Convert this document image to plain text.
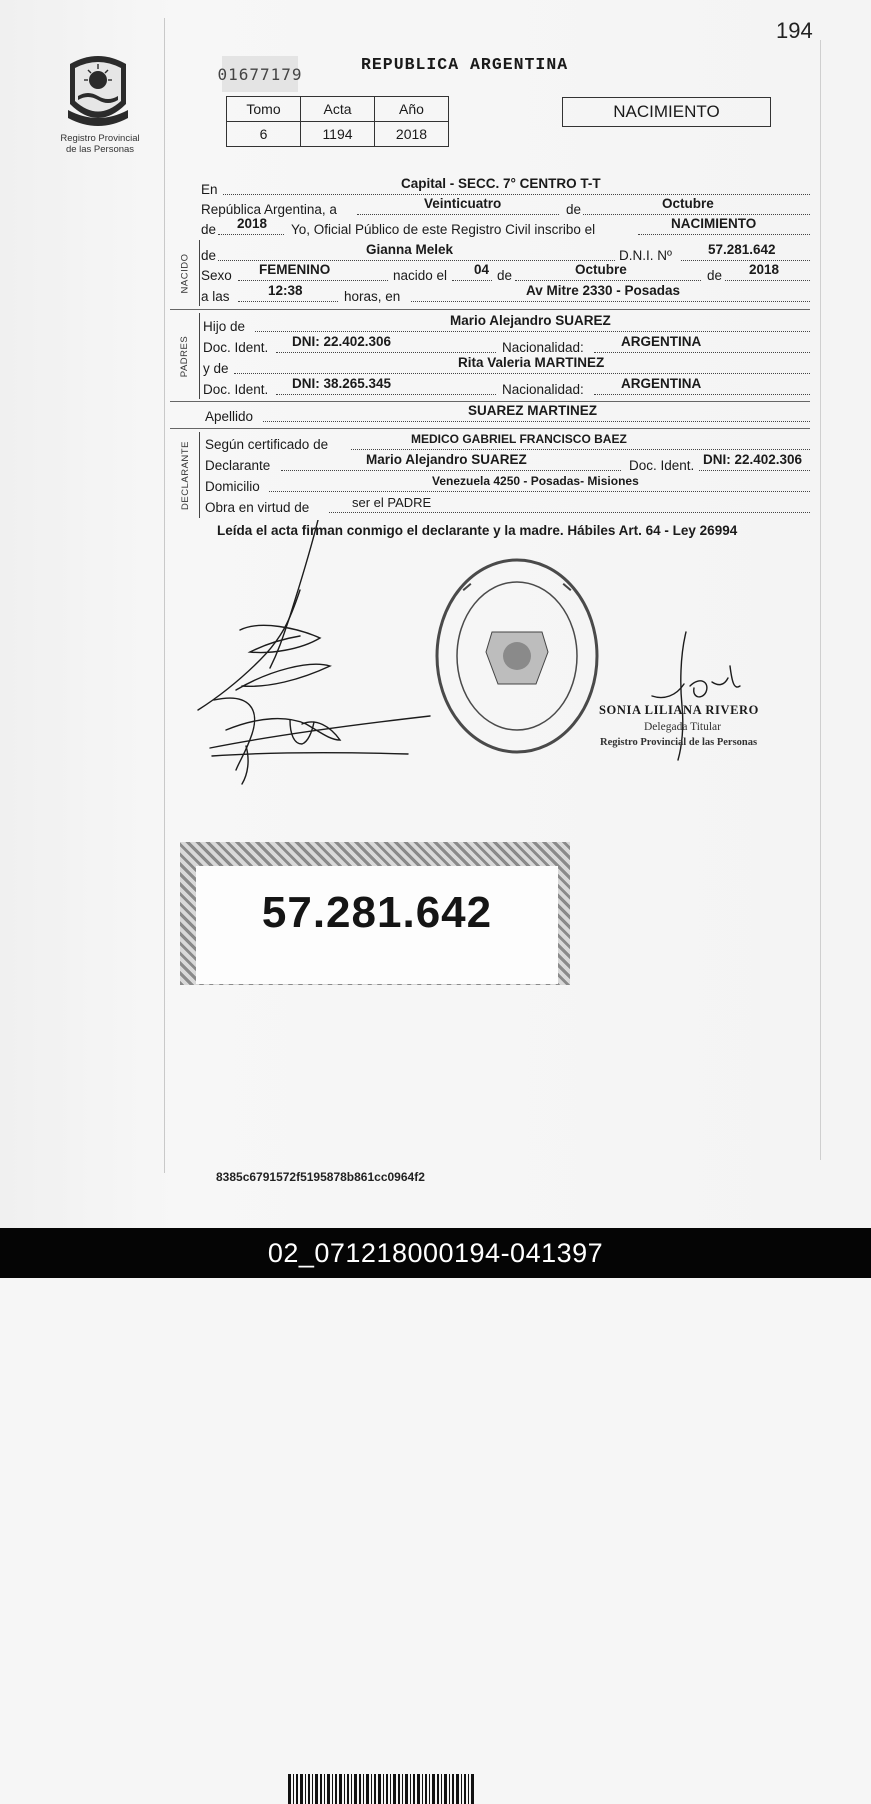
194
Registro Provincial
de las Personas
01677179	REPUBLICA ARGENTINA
Tomo	Acta	Año
6	1194	2018
NACIMIENTO
En	Capital - SECC. 7° CENTRO T-T
República Argentina, a	Veinticuatro	de	Octubre
de 2018 Yo, Oficial Público de este Registro Civil inscribo el	NACIMIENTO
NACIDO de	Gianna Melek	D.N.I. Nº	57.281.642
Sexo FEMENINO	nacido el 04 de	Octubre	de 2018
a las	12:38	horas, en	Av Mitre 2330 - Posadas
PADRES
Hijo de	Mario Alejandro SUAREZ
Doc. Ident. DNI: 22.402.306	Nacionalidad:	ARGENTINA
y de	Rita Valeria MARTINEZ
Doc. Ident. DNI: 38.265.345	Nacionalidad:	ARGENTINA
Apellido	SUAREZ MARTINEZ
DECLARANTE Según certificado de	MEDICO GABRIEL FRANCISCO BAEZ
Declarante	Mario Alejandro SUAREZ	Doc. Ident. DNI: 22.402.306
Domicilio	Venezuela 4250 - Posadas- Misiones
Obra en virtud de	ser el PADRE
Leída el acta firman conmigo el declarante y la madre. Hábiles Art. 64 - Ley 26994
SONIA LILIANA RIVERO
Delegada Titular
Registro Provincial de las Personas
57.281.642
8385c6791572f5195878b861cc0964f2
02_071218000194-041397
